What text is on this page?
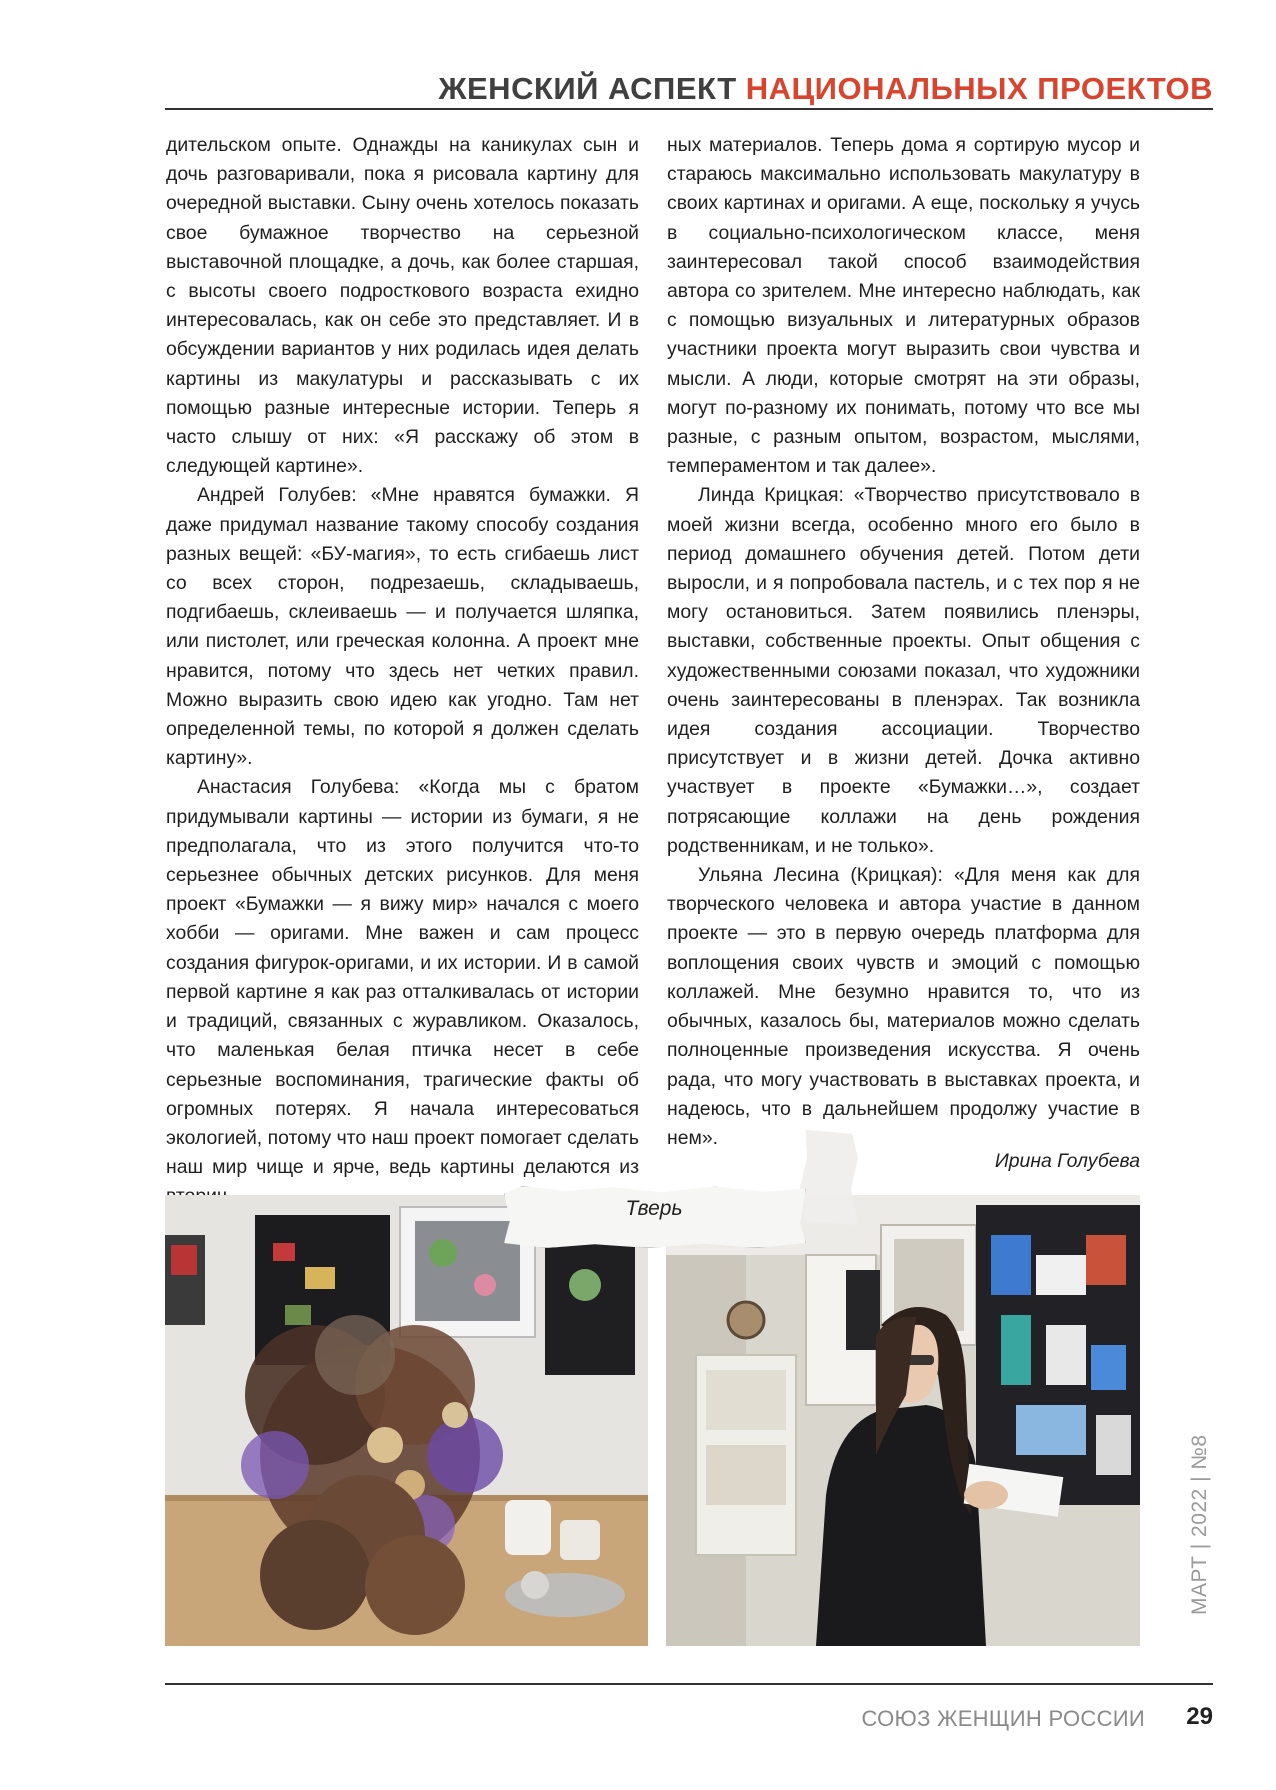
ЖЕНСКИЙ АСПЕКТ НАЦИОНАЛЬНЫХ ПРОЕКТОВ

дительском опыте. Однажды на каникулах сын и дочь разговаривали, пока я рисовала картину для очередной выставки. Сыну очень хотелось показать свое бумажное творчество на серьезной выставочной площадке, а дочь, как более старшая, с высоты своего подросткового возраста ехидно интересовалась, как он себе это представляет. И в обсуждении вариантов у них родилась идея делать картины из макулатуры и рассказывать с их помощью разные интересные истории. Теперь я часто слышу от них: «Я расскажу об этом в следующей картине».

Андрей Голубев: «Мне нравятся бумажки. Я даже придумал название такому способу создания разных вещей: «БУ-магия», то есть сгибаешь лист со всех сторон, подрезаешь, складываешь, подгибаешь, склеиваешь — и получается шляпка, или пистолет, или греческая колонна. А проект мне нравится, потому что здесь нет четких правил. Можно выразить свою идею как угодно. Там нет определенной темы, по которой я должен сделать картину».

Анастасия Голубева: «Когда мы с братом придумывали картины — истории из бумаги, я не предполагала, что из этого получится что-то серьезнее обычных детских рисунков. Для меня проект «Бумажки — я вижу мир» начался с моего хобби — оригами. Мне важен и сам процесс создания фигурок-оригами, и их истории. И в самой первой картине я как раз отталкивалась от истории и традиций, связанных с журавликом. Оказалось, что маленькая белая птичка несет в себе серьезные воспоминания, трагические факты об огромных потерях. Я начала интересоваться экологией, потому что наш проект помогает сделать наш мир чище и ярче, ведь картины делаются из

ных материалов. Теперь дома я сортирую мусор и стараюсь максимально использовать макулатуру в своих картинах и оригами. А еще, поскольку я учусь в социально-психологическом классе, меня заинтересовал такой способ взаимодействия автора со зрителем. Мне интересно наблюдать, как с помощью визуальных и литературных образов участники проекта могут выразить свои чувства и мысли. А люди, которые смотрят на эти образы, могут по-разному их понимать, потому что все мы разные, с разным опытом, возрастом, мыслями, темпераментом и так далее».

Линда Крицкая: «Творчество присутствовало в моей жизни всегда, особенно много его было в период домашнего обучения детей. Потом дети выросли, и я попробовала пастель, и с тех пор я не могу остановиться. Затем появились пленэры, выставки, собственные проекты. Опыт общения с художественными союзами показал, что художники очень заинтересованы в пленэрах. Так возникла идея создания ассоциации. Творчество присутствует и в жизни детей. Дочка активно участвует в проекте «Бумажки…», создает потрясающие коллажи на день рождения родственникам, и не только».

Ульяна Лесина (Крицкая): «Для меня как для творческого человека и автора участие в данном проекте — это в первую очередь платформа для воплощения своих чувств и эмоций с помощью коллажей. Мне безумно нравится то, что из обычных, казалось бы, материалов можно сделать полноценные произведения искусства. Я очень рада, что могу участвовать в выставках проекта, и надеюсь, что в дальнейшем продолжу участие в нем».

Ирина Голубева
Тверь
МАРТ | 2022 | №8
СОЮЗ ЖЕНЩИН РОССИИ	29
